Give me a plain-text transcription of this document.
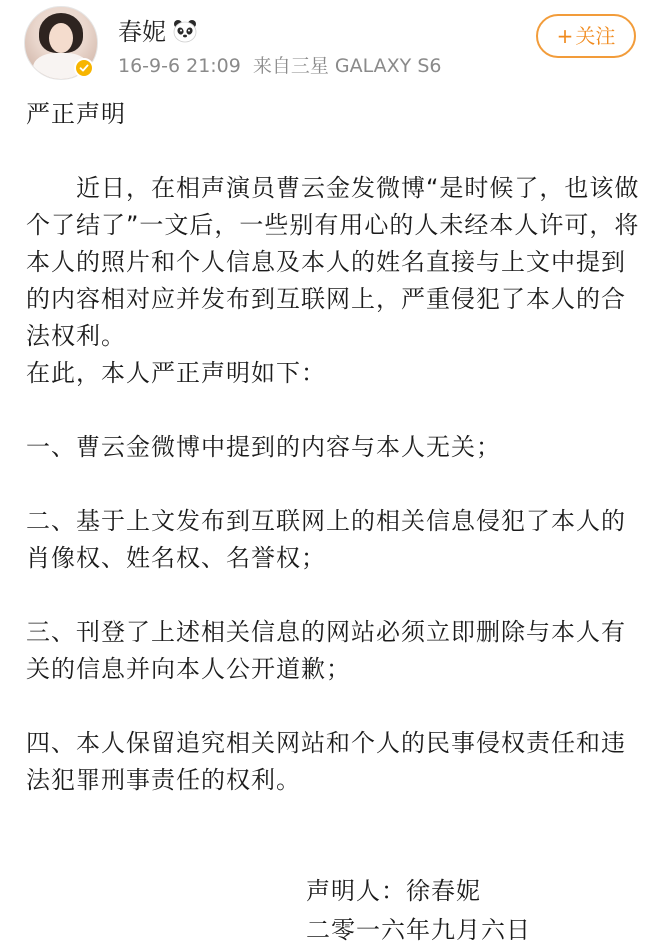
春妮
16-9-6 21:09 来自三星 GALAXY S6
+ 关注

严正声明

近日，在相声演员曹云金发微博“是时候了，也该做个了结了”一文后，一些别有用心的人未经本人许可，将本人的照片和个人信息及本人的姓名直接与上文中提到的内容相对应并发布到互联网上，严重侵犯了本人的合法权利。

在此，本人严正声明如下：

一、曹云金微博中提到的内容与本人无关；

二、基于上文发布到互联网上的相关信息侵犯了本人的肖像权、姓名权、名誉权；

三、刊登了上述相关信息的网站必须立即删除与本人有关的信息并向本人公开道歉；

四、本人保留追究相关网站和个人的民事侵权责任和违法犯罪刑事责任的权利。

声明人：徐春妮
二零一六年九月六日
